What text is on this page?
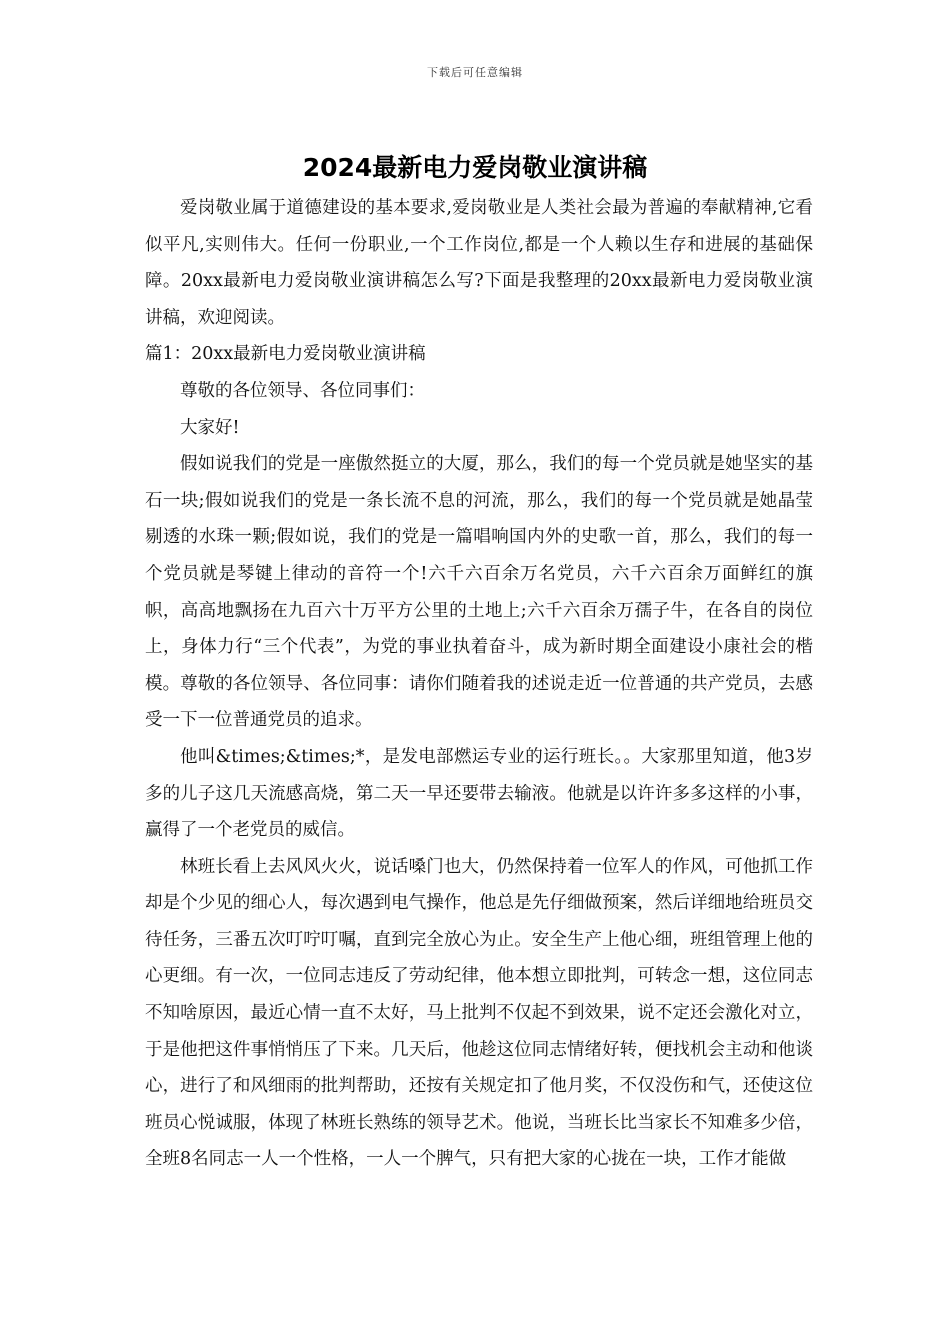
下载后可任意编辑
2024最新电力爱岗敬业演讲稿

爱岗敬业属于道德建设的基本要求,爱岗敬业是人类社会最为普遍的奉献精神,它看似平凡,实则伟大。任何一份职业,一个工作岗位,都是一个人赖以生存和进展的基础保障。20xx最新电力爱岗敬业演讲稿怎么写?下面是我整理的20xx最新电力爱岗敬业演讲稿，欢迎阅读。

篇1：20xx最新电力爱岗敬业演讲稿

尊敬的各位领导、各位同事们：

大家好!

假如说我们的党是一座傲然挺立的大厦，那么，我们的每一个党员就是她坚实的基石一块;假如说我们的党是一条长流不息的河流，那么，我们的每一个党员就是她晶莹剔透的水珠一颗;假如说，我们的党是一篇唱响国内外的史歌一首，那么，我们的每一个党员就是琴键上律动的音符一个!六千六百余万名党员，六千六百余万面鲜红的旗帜，高高地飘扬在九百六十万平方公里的土地上;六千六百余万孺子牛，在各自的岗位上，身体力行“三个代表”，为党的事业执着奋斗，成为新时期全面建设小康社会的楷模。尊敬的各位领导、各位同事：请你们随着我的述说走近一位普通的共产党员，去感受一下一位普通党员的追求。

他叫&times;&times;*，是发电部燃运专业的运行班长。。大家那里知道，他3岁多的儿子这几天流感高烧，第二天一早还要带去输液。他就是以许许多多这样的小事，赢得了一个老党员的威信。

林班长看上去风风火火，说话嗓门也大，仍然保持着一位军人的作风，可他抓工作却是个少见的细心人，每次遇到电气操作，他总是先仔细做预案，然后详细地给班员交待任务，三番五次叮咛叮嘱，直到完全放心为止。安全生产上他心细，班组管理上他的心更细。有一次，一位同志违反了劳动纪律，他本想立即批判，可转念一想，这位同志不知啥原因，最近心情一直不太好，马上批判不仅起不到效果，说不定还会激化对立，于是他把这件事悄悄压了下来。几天后，他趁这位同志情绪好转，便找机会主动和他谈心，进行了和风细雨的批判帮助，还按有关规定扣了他月奖，不仅没伤和气，还使这位班员心悦诚服，体现了林班长熟练的领导艺术。他说，当班长比当家长不知难多少倍，全班8名同志一人一个性格，一人一个脾气，只有把大家的心拢在一块，工作才能做
